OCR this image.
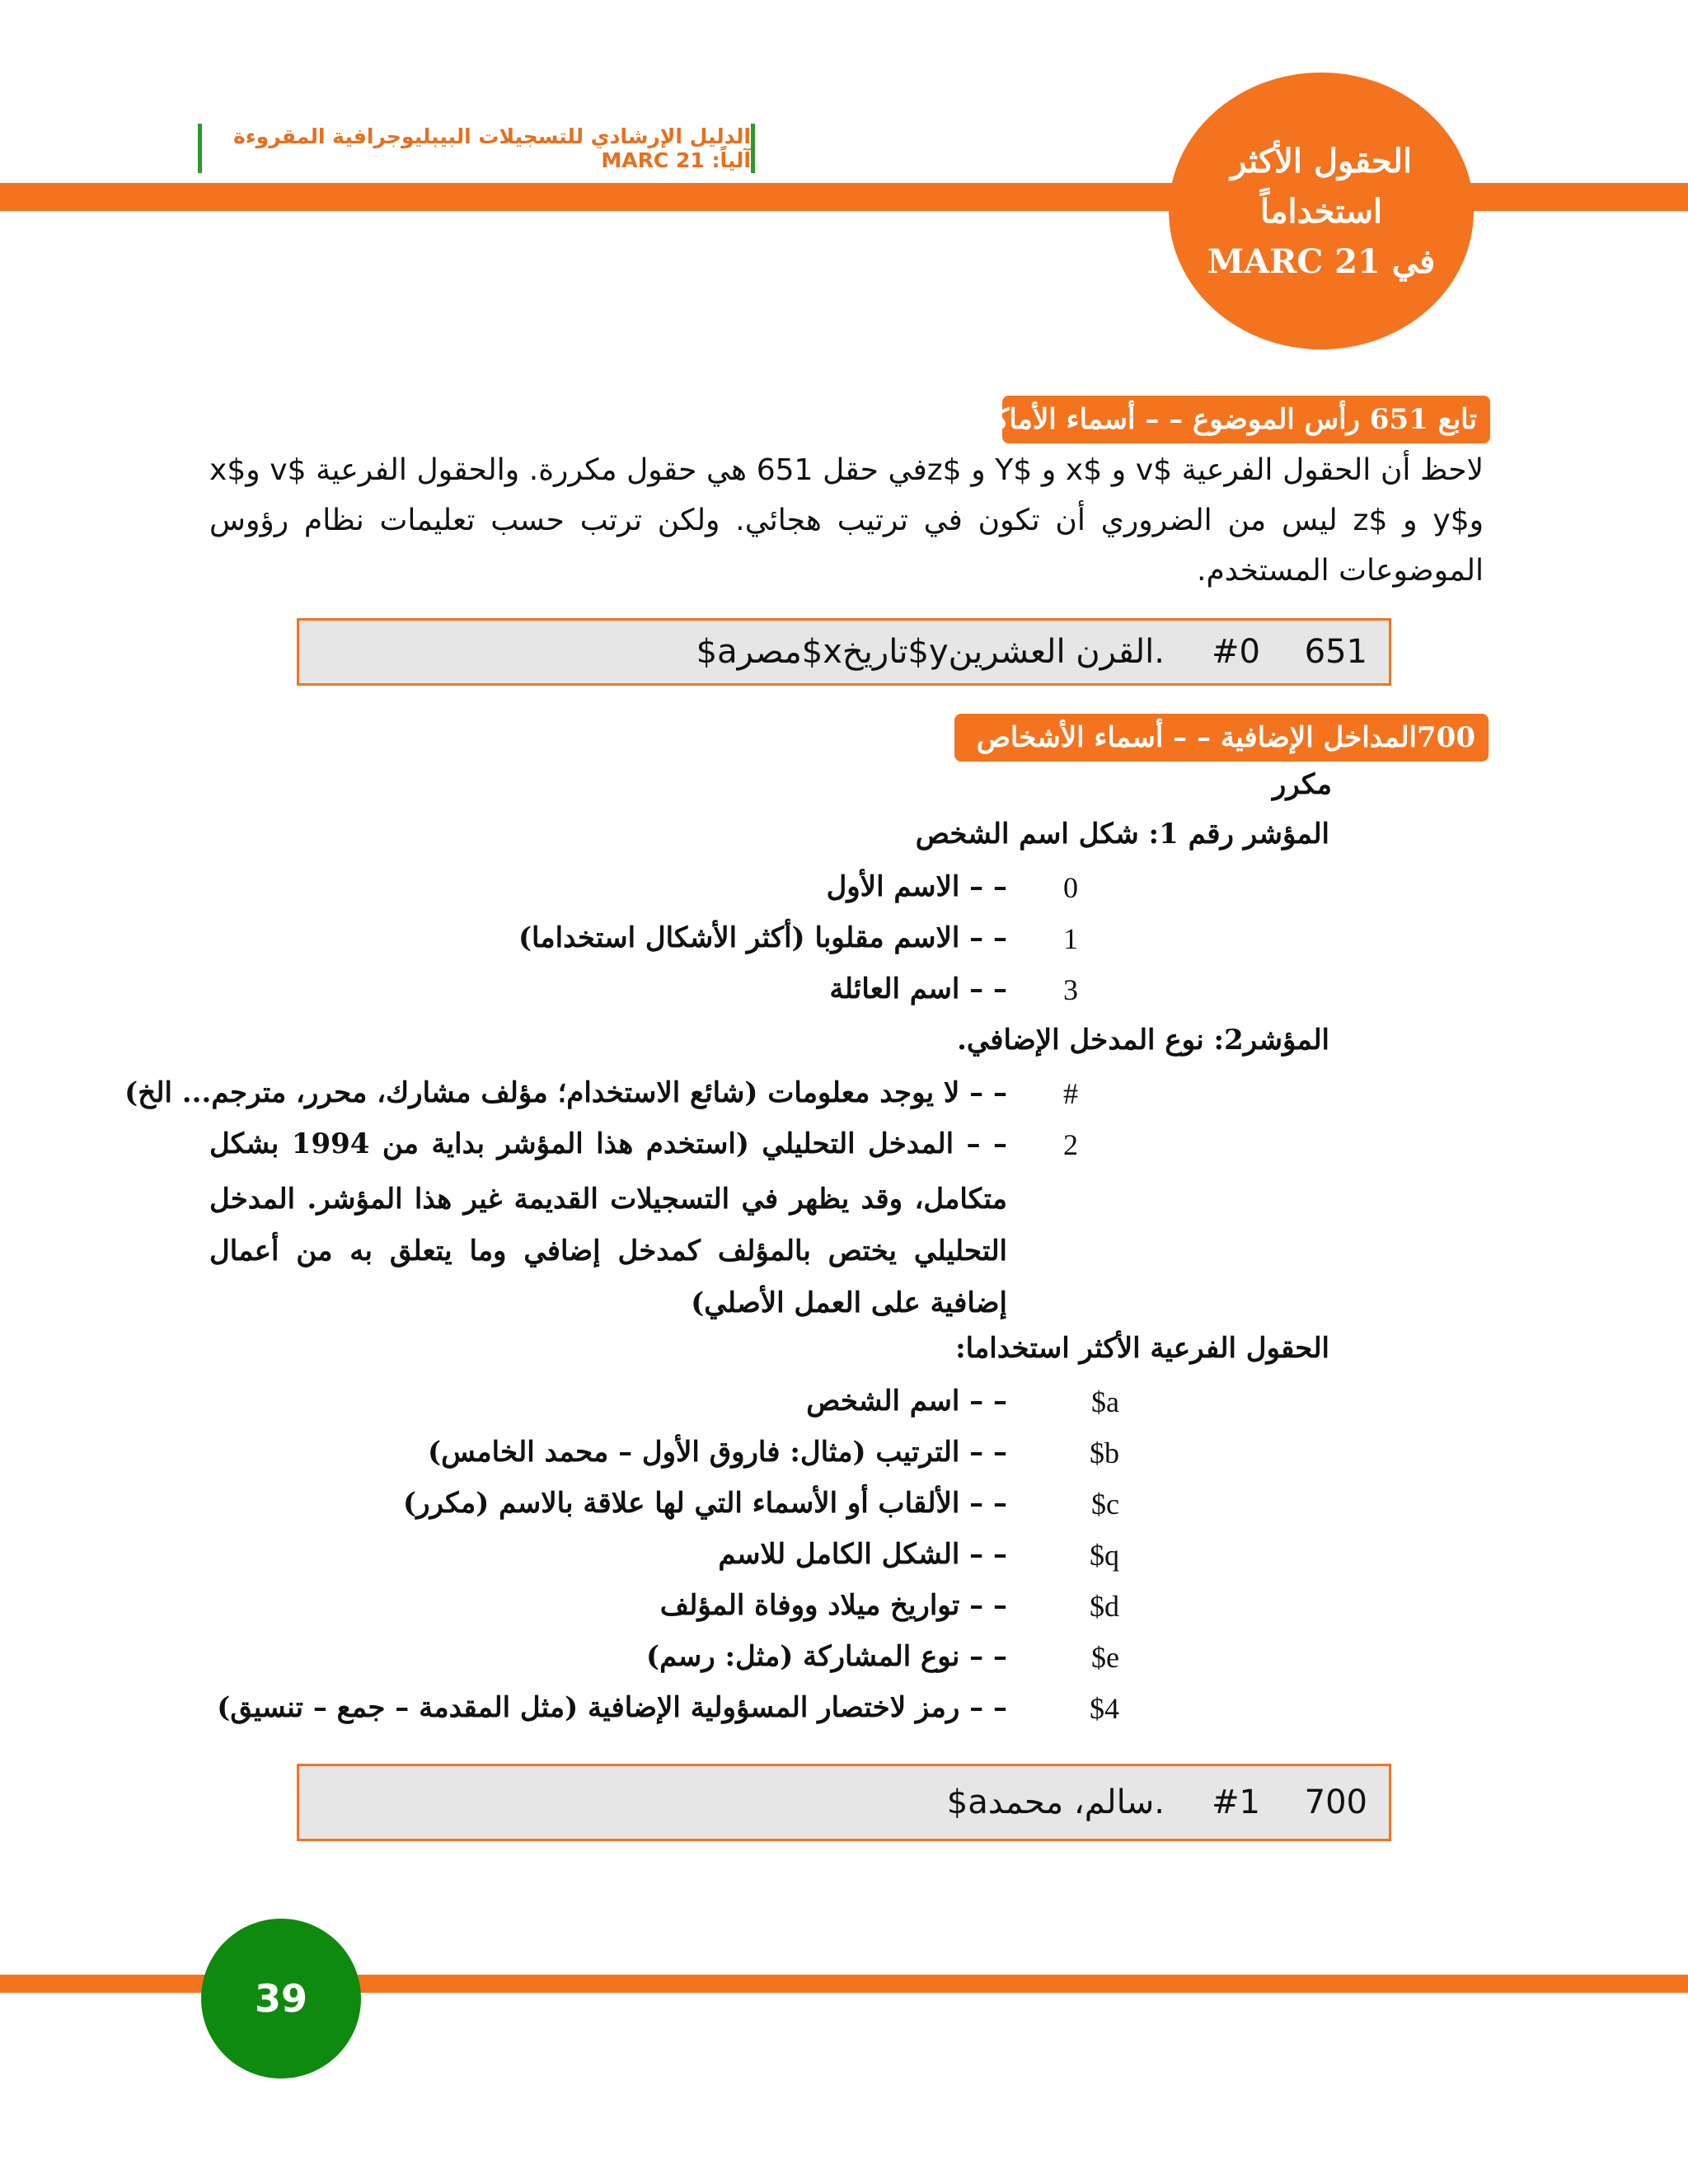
الدليل الإرشادي للتسجيلات البيبليوجرافية المقروءة آلياً: MARC 21	الحقول الأكثر
استخداماً
في MARC 21
تابع 651 رأس الموضوع – – أسماء الأماكن
لاحظ أن الحقول الفرعية $v و $x و $Y و $zفي حقل 651 هي حقول مكررة. والحقول الفرعية $v و$x و$y و $z ليس من الضروري أن تكون في ترتيب هجائي. ولكن ترتب حسب تعليمات نظام رؤوس الموضوعات المستخدم.
651
#0
$aمصر$xتاريخ$yالقرن العشرين.
700المداخل الإضافية – – أسماء الأشخاص
مكرر
المؤشر رقم 1: شكل اسم الشخص
0
– – الاسم الأول
1
– – الاسم مقلوبا (أكثر الأشكال استخداما)
3
– – اسم العائلة
المؤشر2: نوع المدخل الإضافي.
#
– – لا يوجد معلومات (شائع الاستخدام؛ مؤلف مشارك، محرر، مترجم... الخ)
2
– – المدخل التحليلي (استخدم هذا المؤشر بداية من 1994 بشكل
متكامل، وقد يظهر في التسجيلات القديمة غير هذا المؤشر. المدخل التحليلي يختص بالمؤلف كمدخل إضافي وما يتعلق به من أعمال إضافية على العمل الأصلي)
الحقول الفرعية الأكثر استخداما:
$a
– – اسم الشخص
$b
– – الترتيب (مثال: فاروق الأول – محمد الخامس)
$c
– – الألقاب أو الأسماء التي لها علاقة بالاسم (مكرر)
$q
– – الشكل الكامل للاسم
$d
– – تواريخ ميلاد ووفاة المؤلف
$e
– – نوع المشاركة (مثل: رسم)
$4
– – رمز لاختصار المسؤولية الإضافية (مثل المقدمة – جمع – تنسيق)
700
#1
$aسالم، محمد.
39
